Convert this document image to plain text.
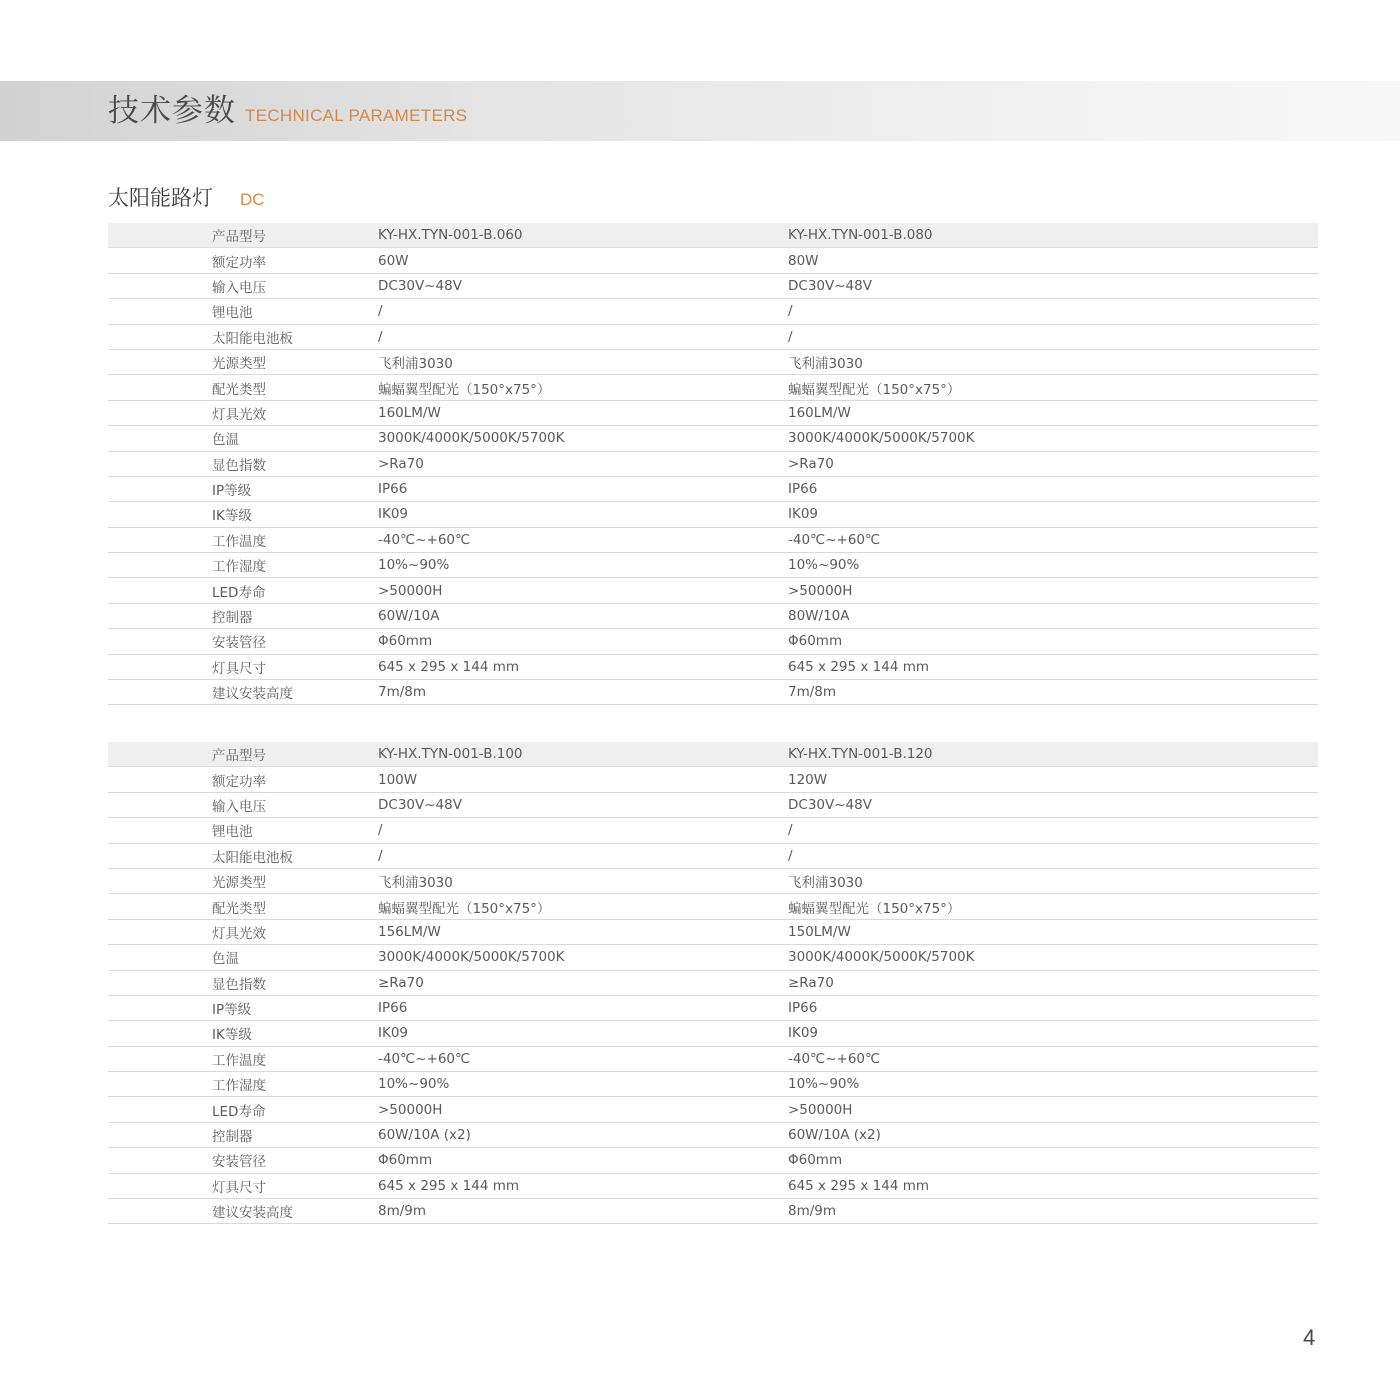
技术参数 TECHNICAL PARAMETERS
太阳能路灯 DC
产品型号	KY-HX.TYN-001-B.060	KY-HX.TYN-001-B.080
额定功率	60W	80W
输入电压	DC30V~48V	DC30V~48V
锂电池	/	/
太阳能电池板	/	/
光源类型	飞利浦3030	飞利浦3030
配光类型	蝙蝠翼型配光（150°x75°）	蝙蝠翼型配光（150°x75°）
灯具光效	160LM/W	160LM/W
色温	3000K/4000K/5000K/5700K	3000K/4000K/5000K/5700K
显色指数	>Ra70	>Ra70
IP等级	IP66	IP66
IK等级	IK09	IK09
工作温度	-40℃~+60℃	-40℃~+60℃
工作湿度	10%~90%	10%~90%
LED寿命	>50000H	>50000H
控制器	60W/10A	80W/10A
安装管径	Φ60mm	Φ60mm
灯具尺寸	645 x 295 x 144 mm	645 x 295 x 144 mm
建议安装高度	7m/8m	7m/8m
产品型号	KY-HX.TYN-001-B.100	KY-HX.TYN-001-B.120
额定功率	100W	120W
输入电压	DC30V~48V	DC30V~48V
锂电池	/	/
太阳能电池板	/	/
光源类型	飞利浦3030	飞利浦3030
配光类型	蝙蝠翼型配光（150°x75°）	蝙蝠翼型配光（150°x75°）
灯具光效	156LM/W	150LM/W
色温	3000K/4000K/5000K/5700K	3000K/4000K/5000K/5700K
显色指数	≥Ra70	≥Ra70
IP等级	IP66	IP66
IK等级	IK09	IK09
工作温度	-40℃~+60℃	-40℃~+60℃
工作湿度	10%~90%	10%~90%
LED寿命	>50000H	>50000H
控制器	60W/10A (x2)	60W/10A (x2)
安装管径	Φ60mm	Φ60mm
灯具尺寸	645 x 295 x 144 mm	645 x 295 x 144 mm
建议安装高度	8m/9m	8m/9m
4
